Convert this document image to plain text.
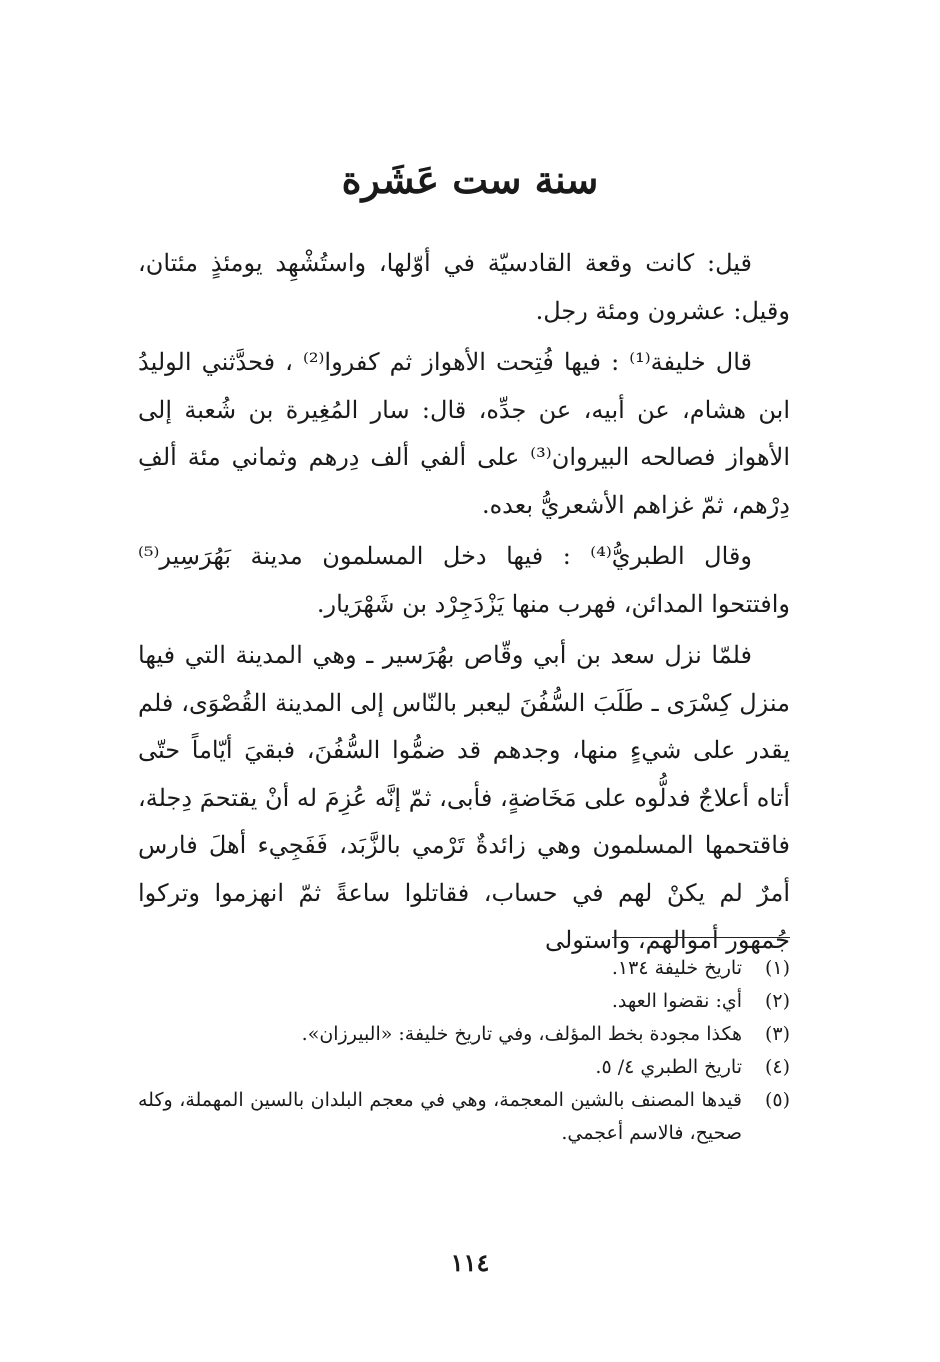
سنة ست عَشَرة

قيل: كانت وقعة القادسيّة في أوّلها، واستُشْهِد يومئذٍ مئتان، وقيل: عشرون ومئة رجل.

قال خليفة⁽¹⁾ : فيها فُتِحت الأهواز ثم كفروا⁽²⁾ ، فحدَّثني الوليدُ ابن هشام، عن أبيه، عن جدِّه، قال: سار المُغِيرة بن شُعبة إلى الأهواز فصالحه البيروان⁽³⁾ على ألفي ألف دِرهم وثماني مئة ألفِ دِرْهم، ثمّ غزاهم الأشعريُّ بعده.

وقال الطبريُّ⁽⁴⁾ : فيها دخل المسلمون مدينة بَهُرَسِير⁽⁵⁾ وافتتحوا المدائن، فهرب منها يَزْدَجِرْد بن شَهْرَيار.

فلمّا نزل سعد بن أبي وقّاص بهُرَسير ـ وهي المدينة التي فيها منزل كِسْرَى ـ طَلَبَ السُّفُنَ ليعبر بالنّاس إلى المدينة القُصْوَى، فلم يقدر على شيءٍ منها، وجدهم قد ضمُّوا السُّفُنَ، فبقيَ أيّاماً حتّى أتاه أعلاجٌ فدلُّوه على مَخَاضةٍ، فأبى، ثمّ إنَّه عُزِمَ له أنْ يقتحمَ دِجلة، فاقتحمها المسلمون وهي زائدةٌ تَرْمي بالزَّبَد، فَفَجِيء أهلَ فارس أمرٌ لم يكنْ لهم في حساب، فقاتلوا ساعةً ثمّ انهزموا وتركوا جُمهور أموالهم، واستولى

(١)
تاريخ خليفة ١٣٤.
(٢)
أي: نقضوا العهد.
(٣)
هكذا مجودة بخط المؤلف، وفي تاريخ خليفة: «البيرزان».
(٤)
تاريخ الطبري ٤/ ٥.
(٥)
قيدها المصنف بالشين المعجمة، وهي في معجم البلدان بالسين المهملة، وكله صحيح، فالاسم أعجمي.
١١٤
